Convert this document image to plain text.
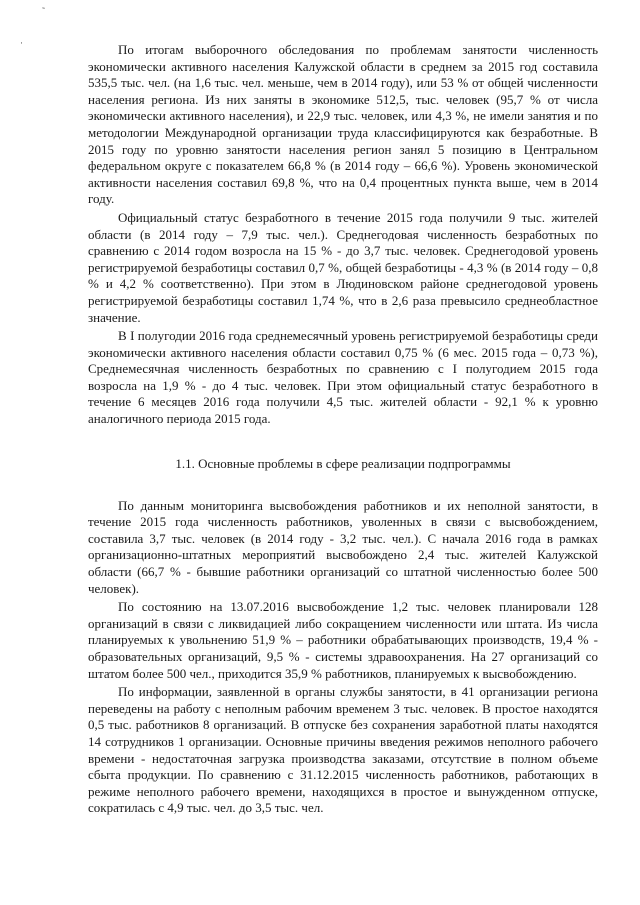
˜
·	По итогам выборочного обследования по проблемам занятости численность экономически активного населения Калужской области в среднем за 2015 год составила 535,5 тыс. чел. (на 1,6 тыс. чел. меньше, чем в 2014 году), или 53 % от общей численности населения региона. Из них заняты в экономике 512,5, тыс. человек (95,7 % от числа экономически активного населения), и 22,9 тыс. человек, или 4,3 %, не имели занятия и по методологии Международной организации труда классифицируются как безработные. В 2015 году по уровню занятости населения регион занял 5 позицию в Центральном федеральном округе с показателем 66,8 % (в 2014 году – 66,6 %). Уровень экономической активности населения составил 69,8 %, что на 0,4 процентных пункта выше, чем в 2014 году.

Официальный статус безработного в течение 2015 года получили 9 тыс. жителей области (в 2014 году – 7,9 тыс. чел.). Среднегодовая численность безработных по сравнению с 2014 годом возросла на 15 % - до 3,7 тыс. человек. Среднегодовой уровень регистрируемой безработицы составил 0,7 %, общей безработицы - 4,3 % (в 2014 году – 0,8 % и 4,2 % соответственно). При этом в Людиновском районе среднегодовой уровень регистрируемой безработицы составил 1,74 %, что в 2,6 раза превысило среднеобластное значение.

В I полугодии 2016 года среднемесячный уровень регистрируемой безработицы среди экономически активного населения области составил 0,75 % (6 мес. 2015 года – 0,73 %), Среднемесячная численность безработных по сравнению с I полугодием 2015 года возросла на 1,9 % - до 4 тыс. человек. При этом официальный статус безработного в течение 6 месяцев 2016 года получили 4,5 тыс. жителей области - 92,1 % к уровню аналогичного периода 2015 года.

1.1. Основные проблемы в сфере реализации подпрограммы

По данным мониторинга высвобождения работников и их неполной занятости, в течение 2015 года численность работников, уволенных в связи с высвобождением, составила 3,7 тыс. человек (в 2014 году - 3,2 тыс. чел.). С начала 2016 года в рамках организационно-штатных мероприятий высвобождено 2,4 тыс. жителей Калужской области (66,7 % - бывшие работники организаций со штатной численностью более 500 человек).

По состоянию на 13.07.2016 высвобождение 1,2 тыс. человек планировали 128 организаций в связи с ликвидацией либо сокращением численности или штата. Из числа планируемых к увольнению 51,9 % – работники обрабатывающих производств, 19,4 % - образовательных организаций, 9,5 % - системы здравоохранения. На 27 организаций со штатом более 500 чел., приходится 35,9 % работников, планируемых к высвобождению.

По информации, заявленной в органы службы занятости, в 41 организации региона переведены на работу с неполным рабочим временем 3 тыс. человек. В простое находятся 0,5 тыс. работников 8 организаций. В отпуске без сохранения заработной платы находятся 14 сотрудников 1 организации. Основные причины введения режимов неполного рабочего времени - недостаточная загрузка производства заказами, отсутствие в полном объеме сбыта продукции. По сравнению с 31.12.2015 численность работников, работающих в режиме неполного рабочего времени, находящихся в простое и вынужденном отпуске, сократилась с 4,9 тыс. чел. до 3,5 тыс. чел.
